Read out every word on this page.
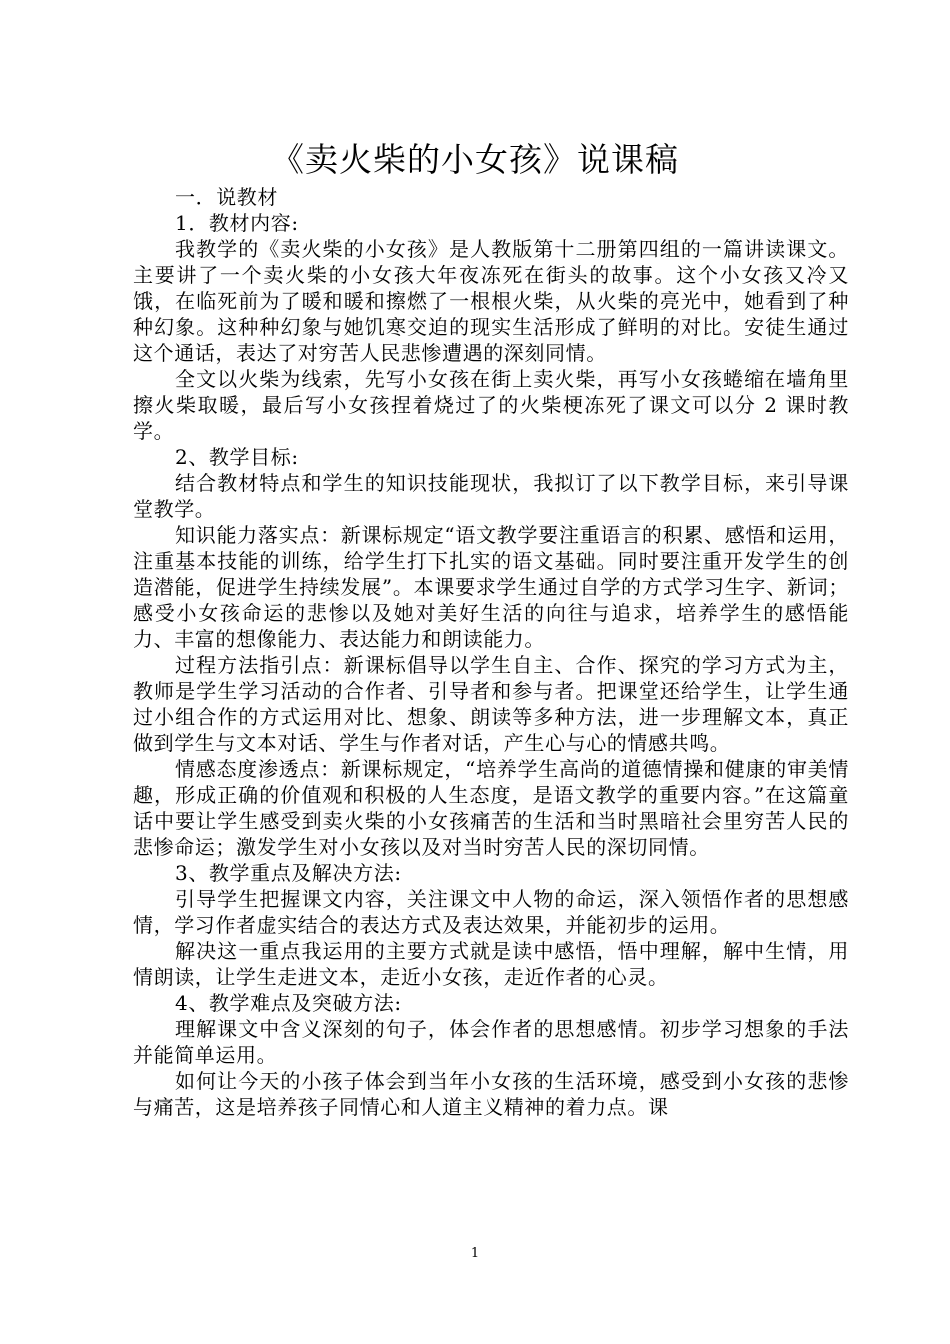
《卖火柴的小女孩》说课稿

一．说教材

1．教材内容:

我教学的《卖火柴的小女孩》是人教版第十二册第四组的一篇讲读课文。主要讲了一个卖火柴的小女孩大年夜冻死在街头的故事。这个小女孩又冷又饿，在临死前为了暖和暖和擦燃了一根根火柴，从火柴的亮光中，她看到了种种幻象。这种种幻象与她饥寒交迫的现实生活形成了鲜明的对比。安徒生通过这个通话，表达了对穷苦人民悲惨遭遇的深刻同情。

全文以火柴为线索，先写小女孩在街上卖火柴，再写小女孩蜷缩在墙角里擦火柴取暖，最后写小女孩捏着烧过了的火柴梗冻死了课文可以分 2 课时教学。

2、教学目标:

结合教材特点和学生的知识技能现状，我拟订了以下教学目标，来引导课堂教学。

知识能力落实点：新课标规定“语文教学要注重语言的积累、感悟和运用，注重基本技能的训练，给学生打下扎实的语文基础。同时要注重开发学生的创造潜能，促进学生持续发展”。本课要求学生通过自学的方式学习生字、新词；感受小女孩命运的悲惨以及她对美好生活的向往与追求，培养学生的感悟能力、丰富的想像能力、表达能力和朗读能力。

过程方法指引点：新课标倡导以学生自主、合作、探究的学习方式为主，教师是学生学习活动的合作者、引导者和参与者。把课堂还给学生，让学生通过小组合作的方式运用对比、想象、朗读等多种方法，进一步理解文本，真正做到学生与文本对话、学生与作者对话，产生心与心的情感共鸣。

情感态度渗透点：新课标规定，“培养学生高尚的道德情操和健康的审美情趣，形成正确的价值观和积极的人生态度，是语文教学的重要内容。”在这篇童话中要让学生感受到卖火柴的小女孩痛苦的生活和当时黑暗社会里穷苦人民的悲惨命运；激发学生对小女孩以及对当时穷苦人民的深切同情。

3、教学重点及解决方法:

引导学生把握课文内容，关注课文中人物的命运，深入领悟作者的思想感情，学习作者虚实结合的表达方式及表达效果，并能初步的运用。

解决这一重点我运用的主要方式就是读中感悟，悟中理解，解中生情，用情朗读，让学生走进文本，走近小女孩，走近作者的心灵。

4、教学难点及突破方法:

理解课文中含义深刻的句子，体会作者的思想感情。初步学习想象的手法并能简单运用。

如何让今天的小孩子体会到当年小女孩的生活环境，感受到小女孩的悲惨与痛苦，这是培养孩子同情心和人道主义精神的着力点。课

1
